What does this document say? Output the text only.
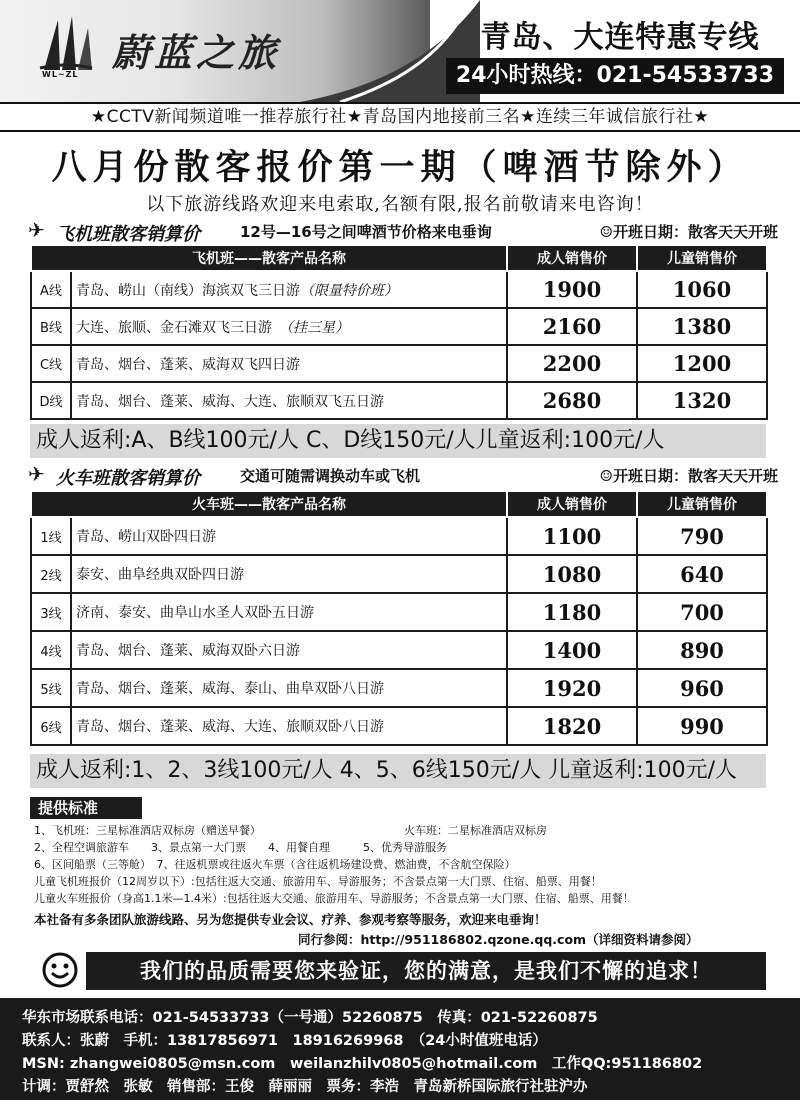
WL~ZL 蔚蓝之旅	青岛、大连特惠专线
24小时热线：021-54533733
★CCTV新闻频道唯一推荐旅行社★青岛国内地接前三名★连续三年诚信旅行社★
八月份散客报价第一期（啤酒节除外）
以下旅游线路欢迎来电索取,名额有限,报名前敬请来电咨询！
✈ 飞机班散客销算价	12号—16号之间啤酒节价格来电垂询	☺开班日期：散客天天开班
飞机班——散客产品名称		成人销售价	儿童销售价
A线	青岛、崂山（南线）海滨双飞三日游（限量特价班）	1900	1060
B线	大连、旅顺、金石滩双飞三日游　 （挂三星）	2160	1380
C线	青岛、烟台、蓬莱、威海双飞四日游	2200	1200
D线	青岛、烟台、蓬莱、威海、大连、旅顺双飞五日游	2680	1320
成人返利:A、B线100元/人 C、D线150元/人儿童返利:100元/人
✈ 火车班散客销算价	交通可随需调换动车或飞机	☺开班日期：散客天天开班
火车班——散客产品名称		成人销售价	儿童销售价
1线	青岛、崂山双卧四日游	1100	790
2线	泰安、曲阜经典双卧四日游	1080	640
3线	济南、泰安、曲阜山水圣人双卧五日游	1180	700
4线	青岛、烟台、蓬莱、威海双卧六日游	1400	890
5线	青岛、烟台、蓬莱、威海、泰山、曲阜双卧八日游	1920	960
6线	青岛、烟台、蓬莱、威海、大连、旅顺双卧八日游	1820	990
成人返利:1、2、3线100元/人 4、5、6线150元/人 儿童返利:100元/人
提供标准
1、飞机班：三星标准酒店双标房（赠送早餐）	火车班：二星标准酒店双标房
2、全程空调旅游车　　3、景点第一大门票　　4、用餐自理　　　5、优秀导游服务
6、区间船票（三等舱）　7、往返机票或往返火车票（含往返机场建设费、燃油费，不含航空保险）
儿童飞机班报价（12周岁以下）:包括往返大交通、旅游用车、导游服务；不含景点第一大门票、住宿、船票、用餐！
儿童火车班报价（身高1.1米—1.4米）:包括往返大交通、旅游用车、导游服务；不含景点第一大门票、住宿、船票、用餐！
本社备有多条团队旅游线路、另为您提供专业会议、疗养、参观考察等服务，欢迎来电垂询！
同行参阅：http://951186802.qzone.qq.com（详细资料请参阅）
我们的品质需要您来验证，您的满意，是我们不懈的追求！
华东市场联系电话：021-54533733（一号通）52260875　传真：021-52260875
联系人：张蔚　手机：13817856971　18916269968　（24小时值班电话）
MSN: zhangwei0805@msn.com　weilanzhilv0805@hotmail.com　工作QQ:951186802
计调：贾舒然　张敏　销售部：王俊　薛丽丽　票务：李浩　青岛新桥国际旅行社驻沪办
